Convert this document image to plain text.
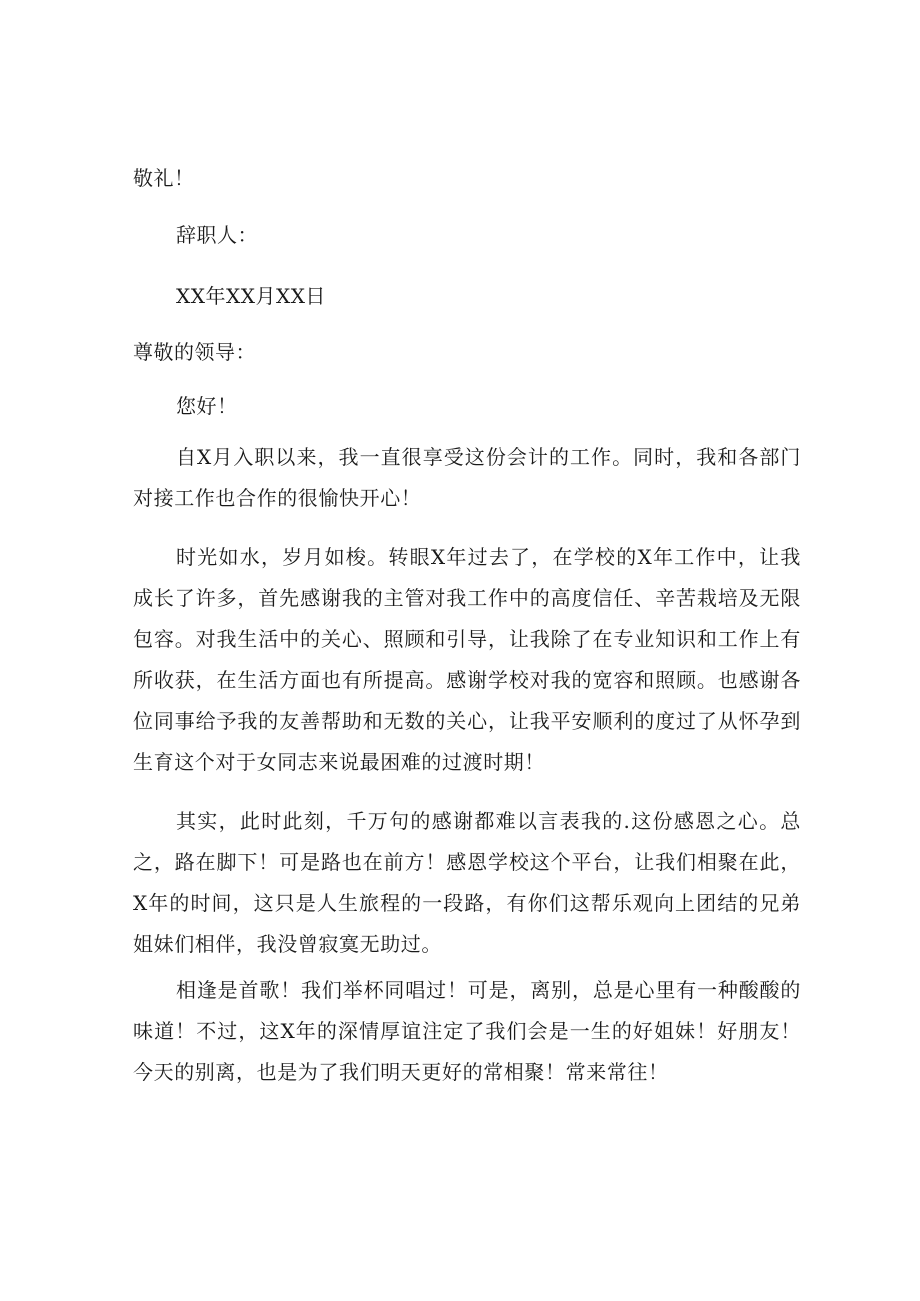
敬礼！
辞职人：
XX年XX月XX日
尊敬的领导：
您好！

自X月入职以来，我一直很享受这份会计的工作。同时，我和各部门对接工作也合作的很愉快开心！

时光如水，岁月如梭。转眼X年过去了，在学校的X年工作中，让我成长了许多，首先感谢我的主管对我工作中的高度信任、辛苦栽培及无限包容。对我生活中的关心、照顾和引导，让我除了在专业知识和工作上有所收获，在生活方面也有所提高。感谢学校对我的宽容和照顾。也感谢各位同事给予我的友善帮助和无数的关心，让我平安顺利的度过了从怀孕到生育这个对于女同志来说最困难的过渡时期！

其实，此时此刻，千万句的感谢都难以言表我的.这份感恩之心。总之，路在脚下！可是路也在前方！感恩学校这个平台，让我们相聚在此，X年的时间，这只是人生旅程的一段路，有你们这帮乐观向上团结的兄弟姐妹们相伴，我没曾寂寞无助过。

相逢是首歌！我们举杯同唱过！可是，离别，总是心里有一种酸酸的味道！不过，这X年的深情厚谊注定了我们会是一生的好姐妹！好朋友！今天的别离，也是为了我们明天更好的常相聚！常来常往！
